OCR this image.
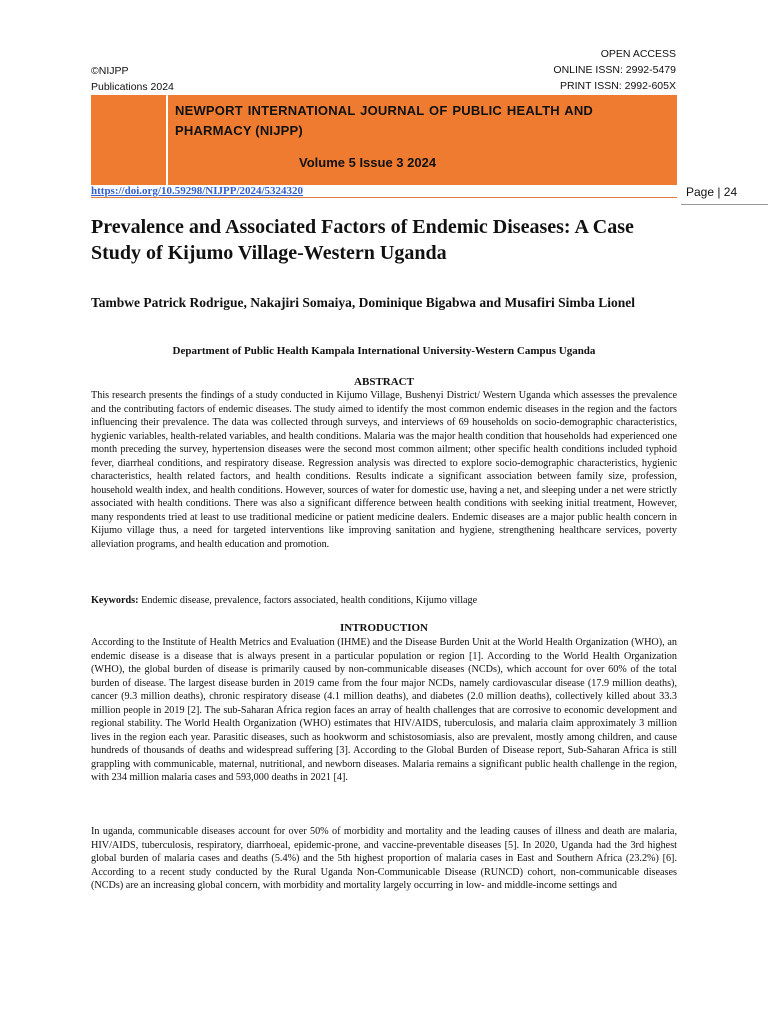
©NIJPP
Publications 2024
OPEN ACCESS
ONLINE ISSN: 2992-5479
PRINT ISSN: 2992-605X
NEWPORT INTERNATIONAL JOURNAL OF PUBLIC HEALTH AND PHARMACY (NIJPP)
Volume 5 Issue 3 2024
https://doi.org/10.59298/NIJPP/2024/5324320	Page | 24
Prevalence and Associated Factors of Endemic Diseases: A Case Study of Kijumo Village-Western Uganda
Tambwe Patrick Rodrigue, Nakajiri Somaiya, Dominique Bigabwa and Musafiri Simba Lionel
Department of Public Health Kampala International University-Western Campus Uganda
ABSTRACT

This research presents the findings of a study conducted in Kijumo Village, Bushenyi District/ Western Uganda which assesses the prevalence and the contributing factors of endemic diseases. The study aimed to identify the most common endemic diseases in the region and the factors influencing their prevalence. The data was collected through surveys, and interviews of 69 households on socio-demographic characteristics, hygienic variables, health-related variables, and health conditions. Malaria was the major health condition that households had experienced one month preceding the survey, hypertension diseases were the second most common ailment; other specific health conditions included typhoid fever, diarrheal conditions, and respiratory disease. Regression analysis was directed to explore socio-demographic characteristics, hygienic characteristics, health related factors, and health conditions. Results indicate a significant association between family size, profession, household wealth index, and health conditions. However, sources of water for domestic use, having a net, and sleeping under a net were strictly associated with health conditions. There was also a significant difference between health conditions with seeking initial treatment, However, many respondents tried at least to use traditional medicine or patient medicine dealers. Endemic diseases are a major public health concern in Kijumo village thus, a need for targeted interventions like improving sanitation and hygiene, strengthening healthcare services, poverty alleviation programs, and health education and promotion.

Keywords: Endemic disease, prevalence, factors associated, health conditions, Kijumo village
INTRODUCTION

According to the Institute of Health Metrics and Evaluation (IHME) and the Disease Burden Unit at the World Health Organization (WHO), an endemic disease is a disease that is always present in a particular population or region [1]. According to the World Health Organization (WHO), the global burden of disease is primarily caused by non-communicable diseases (NCDs), which account for over 60% of the total burden of disease. The largest disease burden in 2019 came from the four major NCDs, namely cardiovascular disease (17.9 million deaths), cancer (9.3 million deaths), chronic respiratory disease (4.1 million deaths), and diabetes (2.0 million deaths), collectively killed about 33.3 million people in 2019 [2]. The sub-Saharan Africa region faces an array of health challenges that are corrosive to economic development and regional stability. The World Health Organization (WHO) estimates that HIV/AIDS, tuberculosis, and malaria claim approximately 3 million lives in the region each year. Parasitic diseases, such as hookworm and schistosomiasis, also are prevalent, mostly among children, and cause hundreds of thousands of deaths and widespread suffering [3]. According to the Global Burden of Disease report, Sub-Saharan Africa is still grappling with communicable, maternal, nutritional, and newborn diseases. Malaria remains a significant public health challenge in the region, with 234 million malaria cases and 593,000 deaths in 2021 [4].

In uganda, communicable diseases account for over 50% of morbidity and mortality and the leading causes of illness and death are malaria, HIV/AIDS, tuberculosis, respiratory, diarrhoeal, epidemic-prone, and vaccine-preventable diseases [5]. In 2020, Uganda had the 3rd highest global burden of malaria cases and deaths (5.4%) and the 5th highest proportion of malaria cases in East and Southern Africa (23.2%) [6]. According to a recent study conducted by the Rural Uganda Non-Communicable Disease (RUNCD) cohort, non-communicable diseases (NCDs) are an increasing global concern, with morbidity and mortality largely occurring in low- and middle-income settings and
